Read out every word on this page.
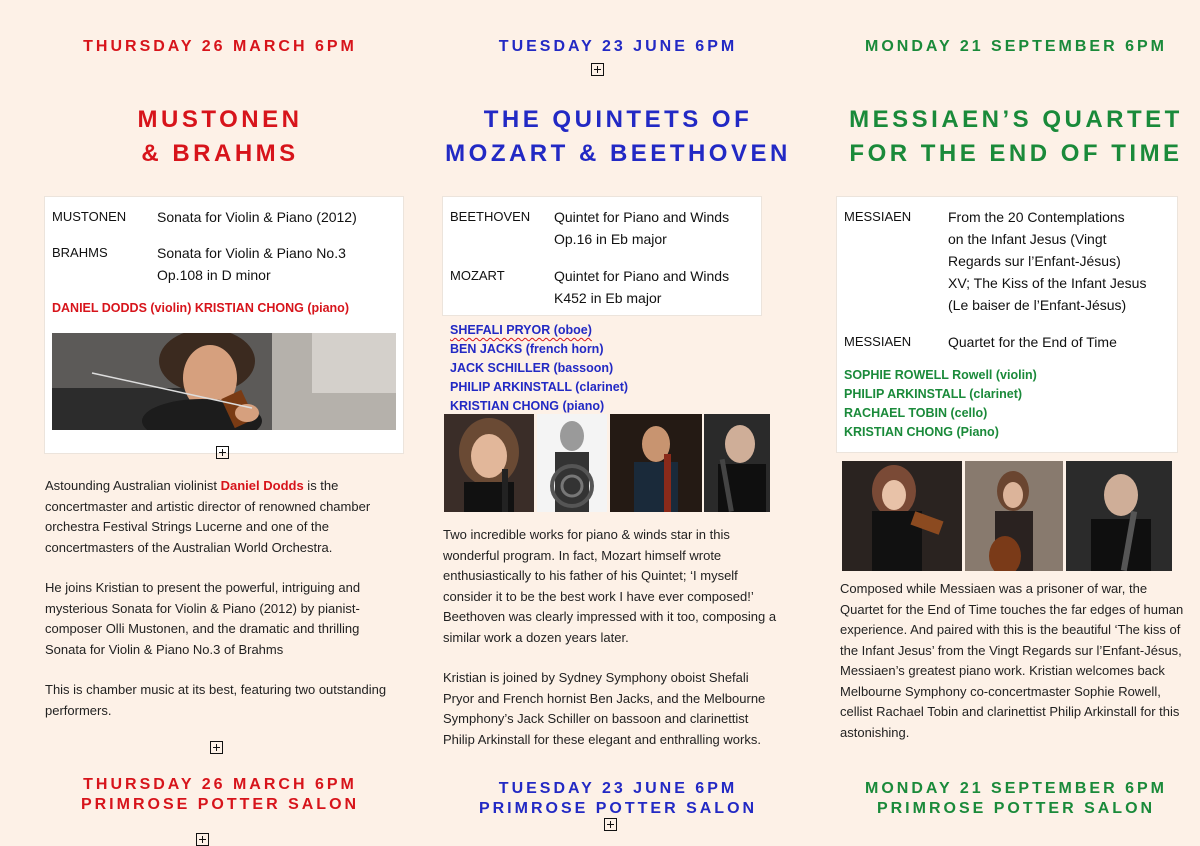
THURSDAY 26 MARCH 6PM
MUSTONEN
& BRAHMS
MUSTONEN Sonata for Violin & Piano (2012)
BRAHMS	Sonata for Violin & Piano No.3
Op.108 in D minor
DANIEL DODDS (violin) KRISTIAN CHONG (piano)

Astounding Australian violinist Daniel Dodds is the concertmaster and artistic director of renowned chamber orchestra Festival Strings Lucerne and one of the concertmasters of the Australian World Orchestra.

He joins Kristian to present the powerful, intriguing and mysterious Sonata for Violin & Piano (2012) by pianist-composer Olli Mustonen, and the dramatic and thrilling Sonata for Violin & Piano No.3 of Brahms

This is chamber music at its best, featuring two outstanding performers.

THURSDAY 26 MARCH 6PM
PRIMROSE POTTER SALON
TUESDAY 23 JUNE 6PM
THE QUINTETS OF
MOZART & BEETHOVEN
BEETHOVEN Quintet for Piano and Winds
Op.16 in Eb major
MOZART	Quintet for Piano and Winds
K452 in Eb major
SHEFALI PRYOR (oboe)
BEN JACKS (french horn)
JACK SCHILLER (bassoon)
PHILIP ARKINSTALL (clarinet)
KRISTIAN CHONG (piano)

Two incredible works for piano & winds star in this wonderful program. In fact, Mozart himself wrote enthusiastically to his father of his Quintet; ‘I myself consider it to be the best work I have ever composed!’ Beethoven was clearly impressed with it too, composing a similar work a dozen years later.

Kristian is joined by Sydney Symphony oboist Shefali Pryor and French hornist Ben Jacks, and the Melbourne Symphony’s Jack Schiller on bassoon and clarinettist Philip Arkinstall for these elegant and enthralling works.

TUESDAY 23 JUNE 6PM
PRIMROSE POTTER SALON
MONDAY 21 SEPTEMBER 6PM
MESSIAEN’S QUARTET
FOR THE END OF TIME
MESSIAEN	From the 20 Contemplations
on the Infant Jesus (Vingt
Regards sur l’Enfant-Jésus)
XV; The Kiss of the Infant Jesus
(Le baiser de l’Enfant-Jésus)
MESSIAEN	Quartet for the End of Time
SOPHIE ROWELL Rowell (violin)
PHILIP ARKINSTALL (clarinet)
RACHAEL TOBIN (cello)
KRISTIAN CHONG (Piano)
Composed while Messiaen was a prisoner of war, the Quartet for the End of Time touches the far edges of human experience. And paired with this is the beautiful ‘The kiss of the Infant Jesus’ from the Vingt Regards sur l’Enfant-Jésus, Messiaen’s greatest piano work. Kristian welcomes back Melbourne Symphony co-concertmaster Sophie Rowell, cellist Rachael Tobin and clarinettist Philip Arkinstall for this astonishing.
MONDAY 21 SEPTEMBER 6PM
PRIMROSE POTTER SALON
